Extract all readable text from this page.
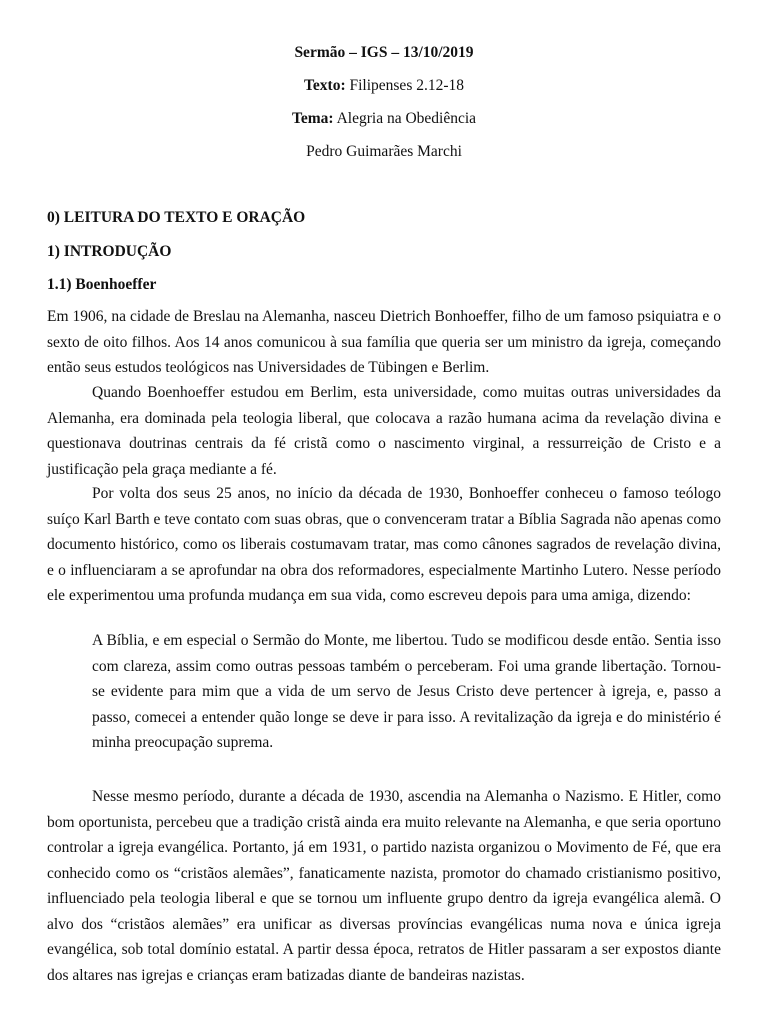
Sermão – IGS – 13/10/2019
Texto: Filipenses 2.12-18
Tema: Alegria na Obediência
Pedro Guimarães Marchi
0) LEITURA DO TEXTO E ORAÇÃO
1) INTRODUÇÃO
1.1) Boenhoeffer

Em 1906, na cidade de Breslau na Alemanha, nasceu Dietrich Bonhoeffer, filho de um famoso psiquiatra e o sexto de oito filhos. Aos 14 anos comunicou à sua família que queria ser um ministro da igreja, começando então seus estudos teológicos nas Universidades de Tübingen e Berlim.

Quando Boenhoeffer estudou em Berlim, esta universidade, como muitas outras universidades da Alemanha, era dominada pela teologia liberal, que colocava a razão humana acima da revelação divina e questionava doutrinas centrais da fé cristã como o nascimento virginal, a ressurreição de Cristo e a justificação pela graça mediante a fé.

Por volta dos seus 25 anos, no início da década de 1930, Bonhoeffer conheceu o famoso teólogo suíço Karl Barth e teve contato com suas obras, que o convenceram tratar a Bíblia Sagrada não apenas como documento histórico, como os liberais costumavam tratar, mas como cânones sagrados de revelação divina, e o influenciaram a se aprofundar na obra dos reformadores, especialmente Martinho Lutero. Nesse período ele experimentou uma profunda mudança em sua vida, como escreveu depois para uma amiga, dizendo:

A Bíblia, e em especial o Sermão do Monte, me libertou. Tudo se modificou desde então. Sentia isso com clareza, assim como outras pessoas também o perceberam. Foi uma grande libertação. Tornou-se evidente para mim que a vida de um servo de Jesus Cristo deve pertencer à igreja, e, passo a passo, comecei a entender quão longe se deve ir para isso. A revitalização da igreja e do ministério é minha preocupação suprema.

Nesse mesmo período, durante a década de 1930, ascendia na Alemanha o Nazismo. E Hitler, como bom oportunista, percebeu que a tradição cristã ainda era muito relevante na Alemanha, e que seria oportuno controlar a igreja evangélica. Portanto, já em 1931, o partido nazista organizou o Movimento de Fé, que era conhecido como os “cristãos alemães”, fanaticamente nazista, promotor do chamado cristianismo positivo, influenciado pela teologia liberal e que se tornou um influente grupo dentro da igreja evangélica alemã. O alvo dos “cristãos alemães” era unificar as diversas províncias evangélicas numa nova e única igreja evangélica, sob total domínio estatal. A partir dessa época, retratos de Hitler passaram a ser expostos diante dos altares nas igrejas e crianças eram batizadas diante de bandeiras nazistas.
